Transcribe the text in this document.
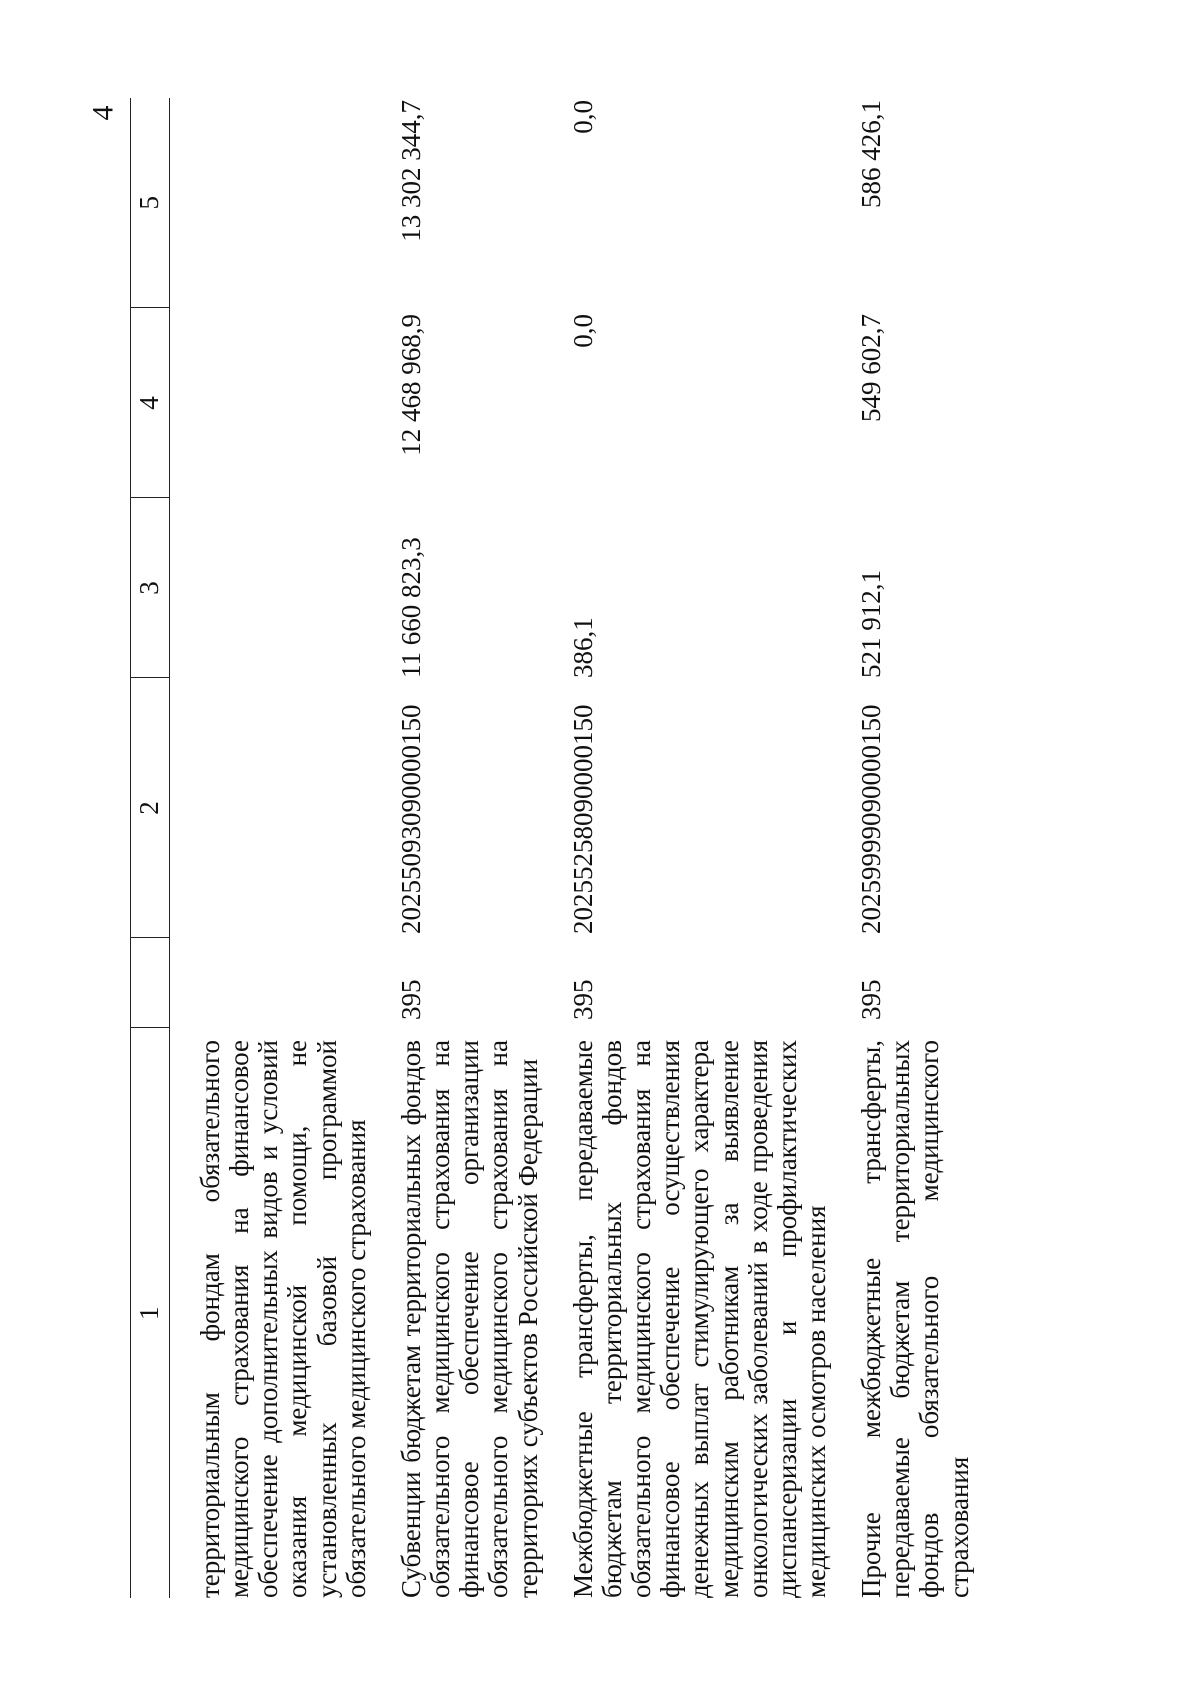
4
1		2	3	4	5

территориальным фондам обязательного медицинского страхования на финансовое обеспечение дополнительных видов и условий оказания медицинской помощи, не установленных базовой программой обязательного медицинского страхования					

Субвенции бюджетам территориальных фондов обязательного медицинского страхования на финансовое обеспечение организации обязательного медицинского страхования на территориях субъектов Российской Федерации	395	20255093090000150	11 660 823,3	12 468 968,9	13 302 344,7

Межбюджетные трансферты, передаваемые бюджетам территориальных фондов обязательного медицинского страхования на финансовое обеспечение осуществления денежных выплат стимулирующего характера медицинским работникам за выявление онкологических заболеваний в ходе проведения диспансеризации и профилактических медицинских осмотров населения	395	20255258090000150	386,1	0,0	0,0

Прочие межбюджетные трансферты, передаваемые бюджетам территориальных фондов обязательного медицинского страхования	395	20259999090000150	521 912,1	549 602,7	586 426,1
